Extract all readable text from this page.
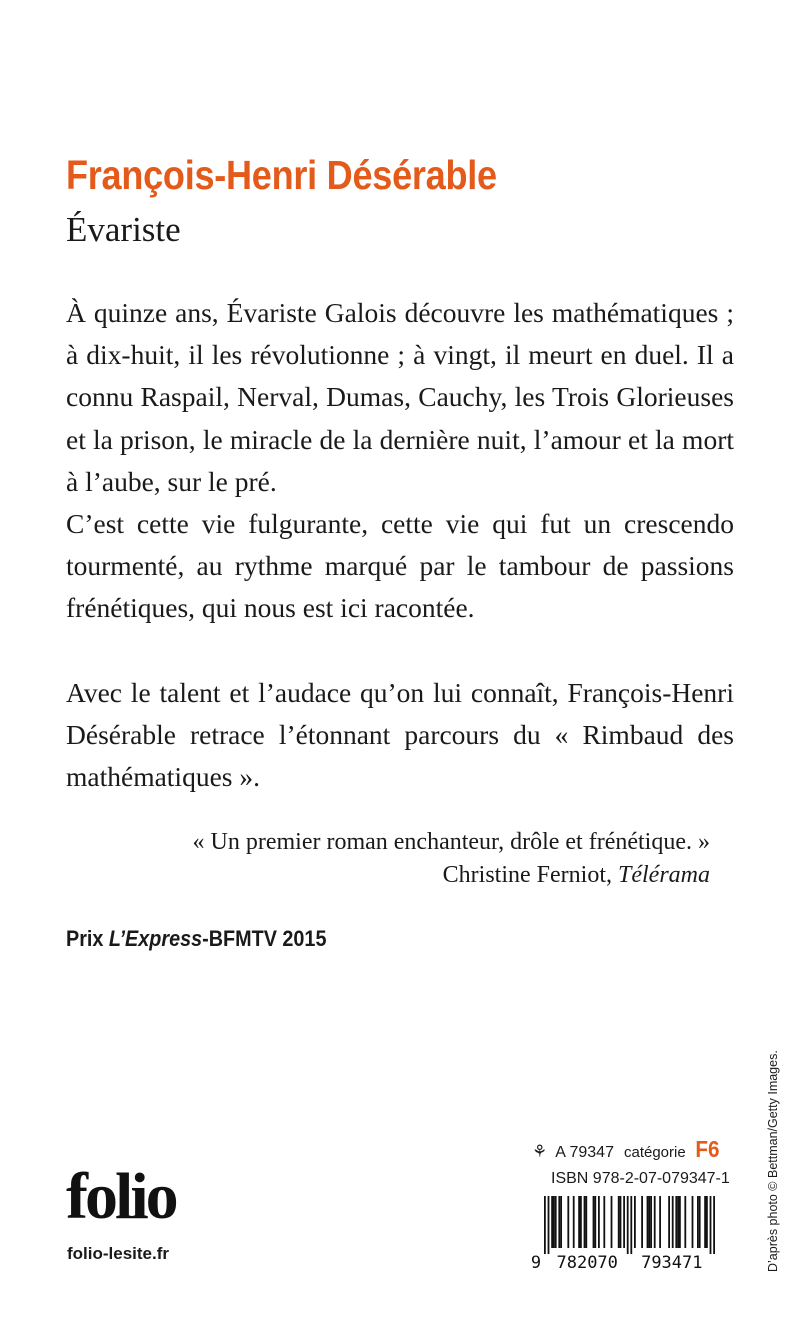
François-Henri Désérable
Évariste

À quinze ans, Évariste Galois découvre les mathématiques ; à dix-huit, il les révolutionne ; à vingt, il meurt en duel. Il a connu Raspail, Nerval, Dumas, Cauchy, les Trois Glorieuses et la prison, le miracle de la dernière nuit, l’amour et la mort à l’aube, sur le pré.

C’est cette vie fulgurante, cette vie qui fut un crescendo tourmenté, au rythme marqué par le tambour de passions frénétiques, qui nous est ici racontée.

Avec le talent et l’audace qu’on lui connaît, François-Henri Désérable retrace l’étonnant parcours du « Rimbaud des mathématiques ».

« Un premier roman enchanteur, drôle et frénétique. »
Christine Ferniot, Télérama
Prix L’Express-BFMTV 2015
D’après photo © Bettman/Getty Images.
folio
folio-lesite.fr
⚘ A 79347 catégorie F6
ISBN 978-2-07-079347-1
9 782070 793471
